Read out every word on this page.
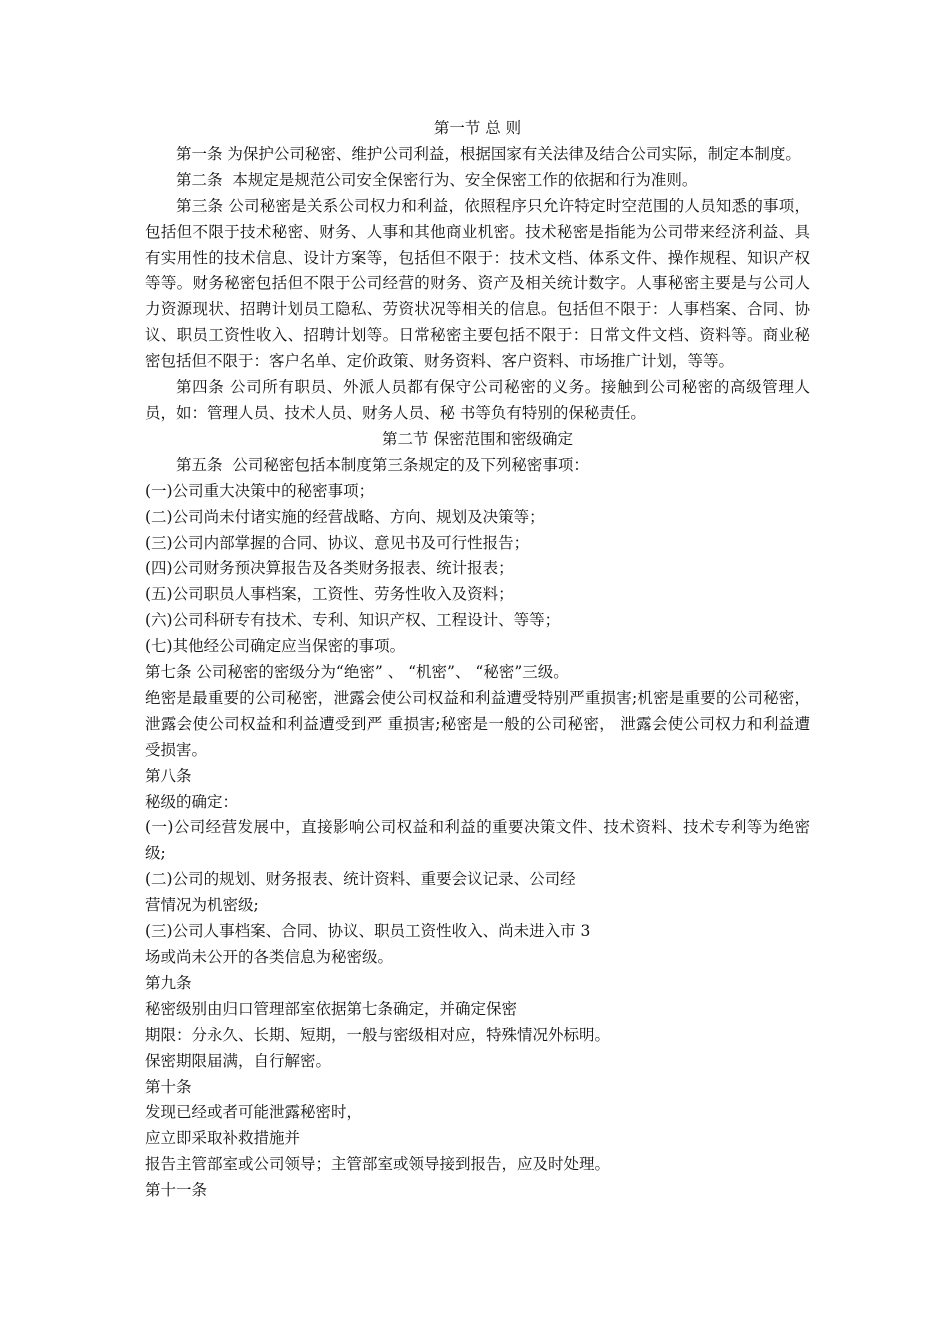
第一节 总 则

第一条 为保护公司秘密、维护公司利益，根据国家有关法律及结合公司实际，制定本制度。

第二条  本规定是规范公司安全保密行为、安全保密工作的依据和行为准则。

第三条 公司秘密是关系公司权力和利益，依照程序只允许特定时空范围的人员知悉的事项，包括但不限于技术秘密、财务、人事和其他商业机密。技术秘密是指能为公司带来经济利益、具有实用性的技术信息、设计方案等，包括但不限于：技术文档、体系文件、操作规程、知识产权等等。财务秘密包括但不限于公司经营的财务、资产及相关统计数字。人事秘密主要是与公司人力资源现状、招聘计划员工隐私、劳资状况等相关的信息。包括但不限于：人事档案、合同、协议、职员工资性收入、招聘计划等。日常秘密主要包括不限于：日常文件文档、资料等。商业秘密包括但不限于：客户名单、定价政策、财务资料、客户资料、市场推广计划，等等。

第四条 公司所有职员、外派人员都有保守公司秘密的义务。接触到公司秘密的高级管理人员，如：管理人员、技术人员、财务人员、秘 书等负有特别的保秘责任。

第二节 保密范围和密级确定

第五条  公司秘密包括本制度第三条规定的及下列秘密事项：

(一)公司重大决策中的秘密事项；

(二)公司尚未付诸实施的经营战略、方向、规划及决策等；

(三)公司内部掌握的合同、协议、意见书及可行性报告；

(四)公司财务预决算报告及各类财务报表、统计报表；

(五)公司职员人事档案，工资性、劳务性收入及资料；

(六)公司科研专有技术、专利、知识产权、工程设计、等等；

(七)其他经公司确定应当保密的事项。

第七条 公司秘密的密级分为“绝密” 、 “机密”、 “秘密”三级。

绝密是最重要的公司秘密，泄露会使公司权益和利益遭受特别严重损害;机密是重要的公司秘密，泄露会使公司权益和利益遭受到严 重损害;秘密是一般的公司秘密， 泄露会使公司权力和利益遭受损害。

第八条

秘级的确定：

(一)公司经营发展中，直接影响公司权益和利益的重要决策文件、技术资料、技术专利等为绝密级;

(二)公司的规划、财务报表、统计资料、重要会议记录、公司经

营情况为机密级;

(三)公司人事档案、合同、协议、职员工资性收入、尚未进入市 3

场或尚未公开的各类信息为秘密级。

第九条

秘密级别由归口管理部室依据第七条确定，并确定保密

期限：分永久、长期、短期，一般与密级相对应，特殊情况外标明。

保密期限届满，自行解密。

第十条

发现已经或者可能泄露秘密时，

应立即采取补救措施并

报告主管部室或公司领导；主管部室或领导接到报告，应及时处理。

第十一条
